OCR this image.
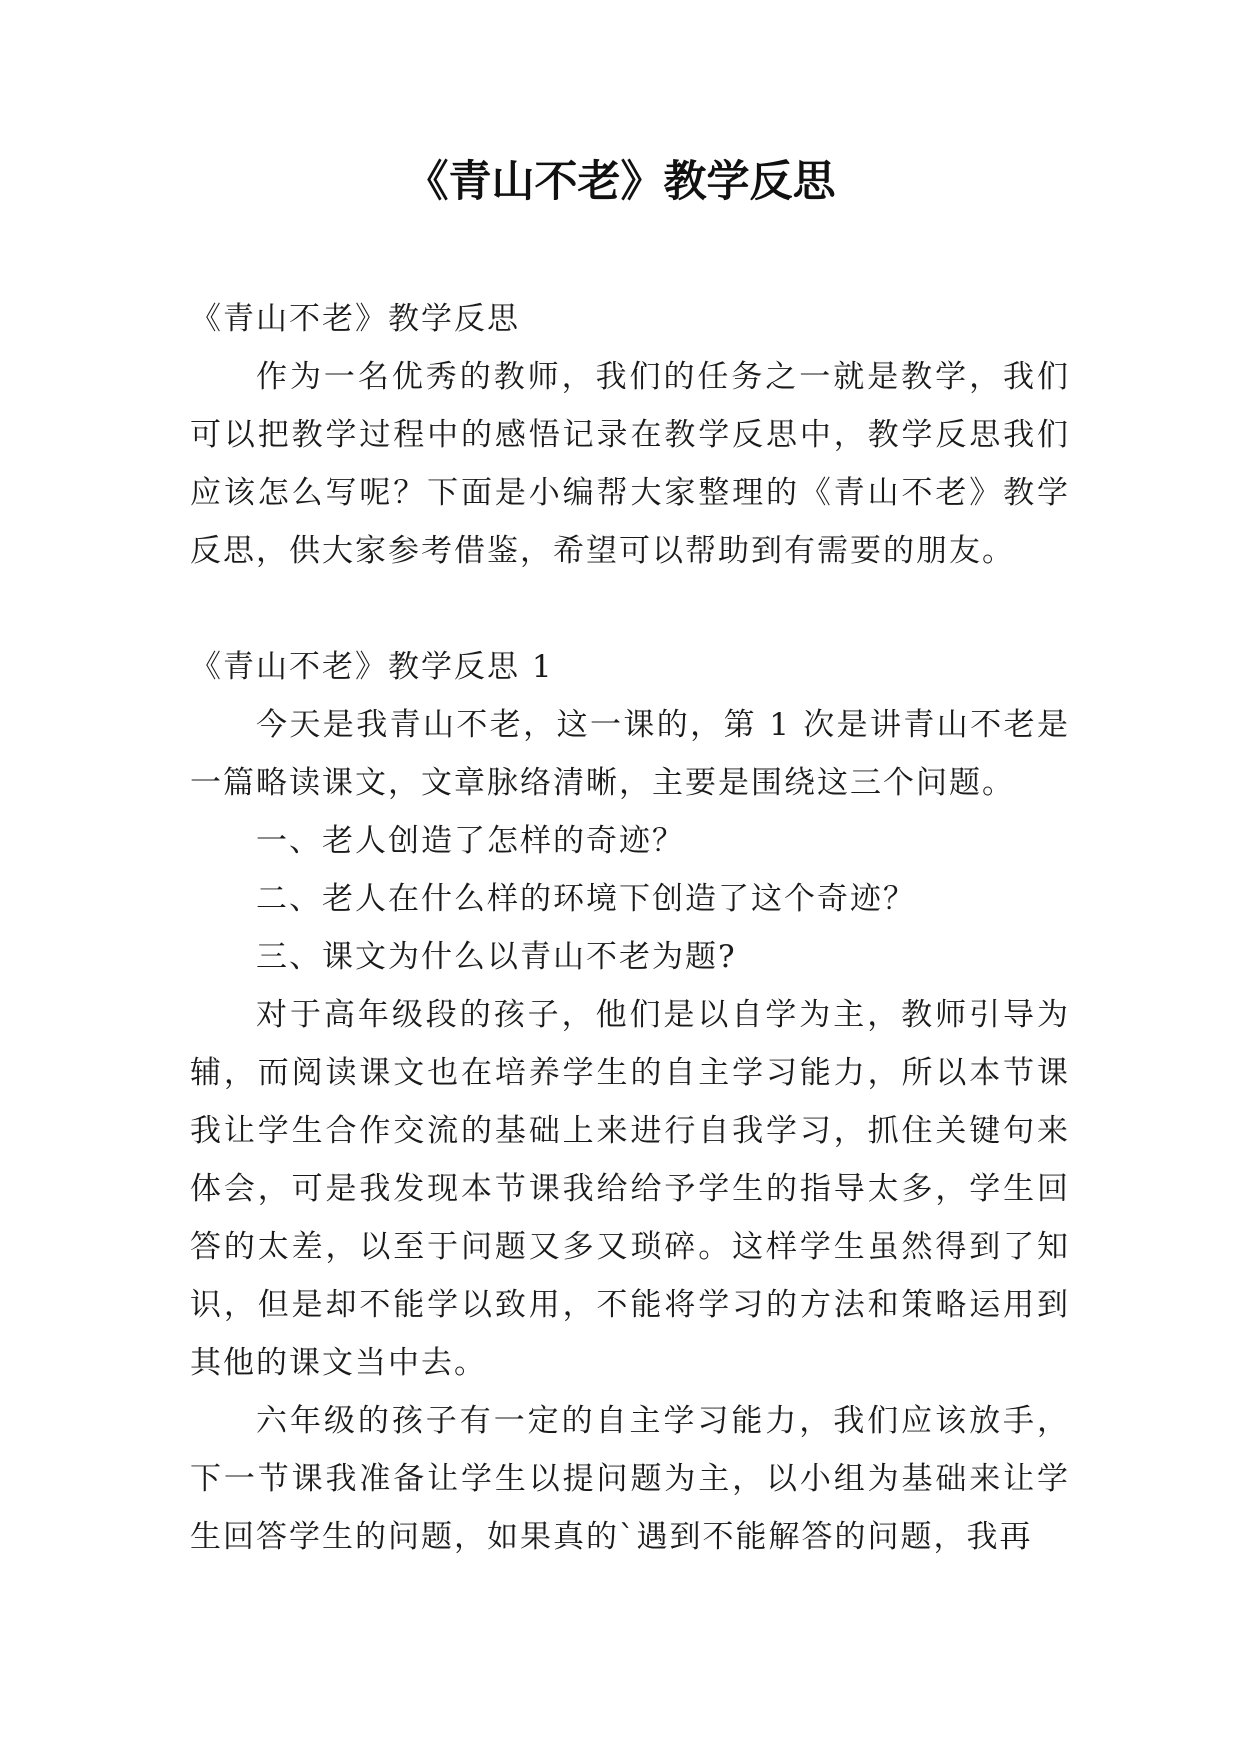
《青山不老》教学反思

《青山不老》教学反思

作为一名优秀的教师，我们的任务之一就是教学，我们可以把教学过程中的感悟记录在教学反思中，教学反思我们应该怎么写呢？下面是小编帮大家整理的《青山不老》教学反思，供大家参考借鉴，希望可以帮助到有需要的朋友。

《青山不老》教学反思 1

今天是我青山不老，这一课的，第 1 次是讲青山不老是一篇略读课文，文章脉络清晰，主要是围绕这三个问题。

一、老人创造了怎样的奇迹？

二、老人在什么样的环境下创造了这个奇迹？

三、课文为什么以青山不老为题?

对于高年级段的孩子，他们是以自学为主，教师引导为辅，而阅读课文也在培养学生的自主学习能力，所以本节课我让学生合作交流的基础上来进行自我学习，抓住关键句来体会，可是我发现本节课我给给予学生的指导太多，学生回答的太差，以至于问题又多又琐碎。这样学生虽然得到了知识，但是却不能学以致用，不能将学习的方法和策略运用到其他的课文当中去。

六年级的孩子有一定的自主学习能力，我们应该放手，下一节课我准备让学生以提问题为主，以小组为基础来让学生回答学生的问题，如果真的`遇到不能解答的问题，我再
